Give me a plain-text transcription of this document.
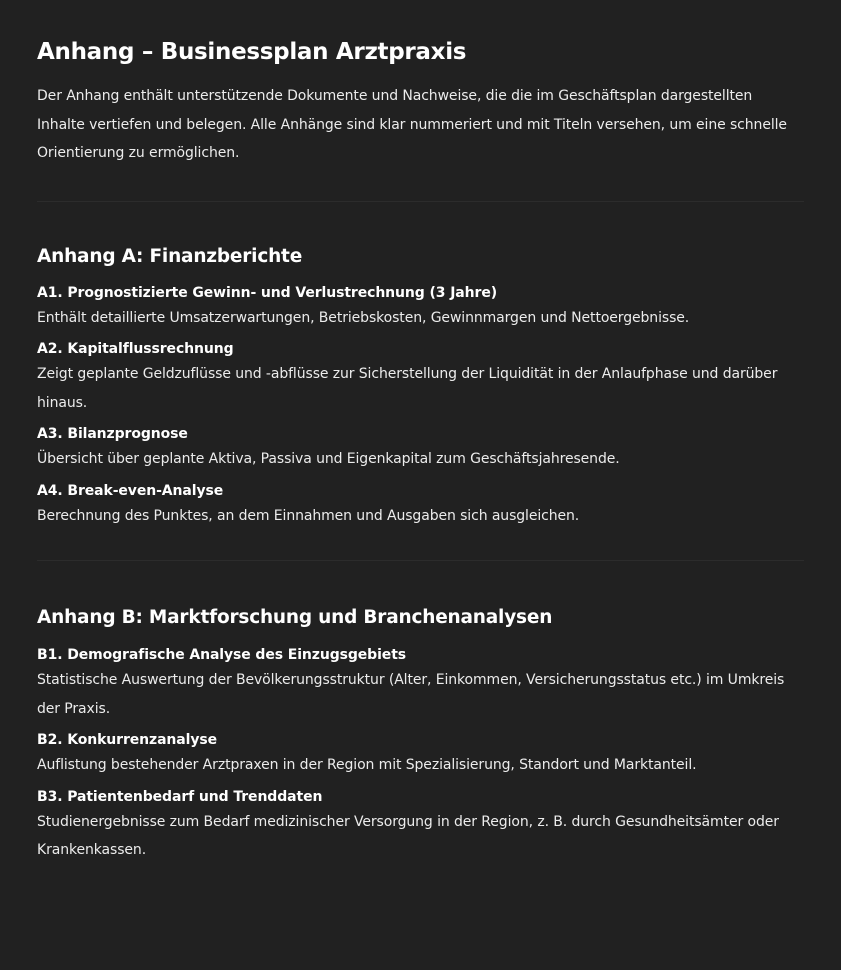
Anhang – Businessplan Arztpraxis

Der Anhang enthält unterstützende Dokumente und Nachweise, die die im Geschäftsplan dargestellten Inhalte vertiefen und belegen. Alle Anhänge sind klar nummeriert und mit Titeln versehen, um eine schnelle Orientierung zu ermöglichen.

Anhang A: Finanzberichte
A1. Prognostizierte Gewinn- und Verlustrechnung (3 Jahre)
Enthält detaillierte Umsatzerwartungen, Betriebskosten, Gewinnmargen und Nettoergebnisse.
A2. Kapitalflussrechnung
Zeigt geplante Geldzuflüsse und -abflüsse zur Sicherstellung der Liquidität in der Anlaufphase und darüber hinaus.
A3. Bilanzprognose
Übersicht über geplante Aktiva, Passiva und Eigenkapital zum Geschäftsjahresende.
A4. Break-even-Analyse
Berechnung des Punktes, an dem Einnahmen und Ausgaben sich ausgleichen.
Anhang B: Marktforschung und Branchenanalysen
B1. Demografische Analyse des Einzugsgebiets
Statistische Auswertung der Bevölkerungsstruktur (Alter, Einkommen, Versicherungsstatus etc.) im Umkreis der Praxis.
B2. Konkurrenzanalyse
Auflistung bestehender Arztpraxen in der Region mit Spezialisierung, Standort und Marktanteil.
B3. Patientenbedarf und Trenddaten
Studienergebnisse zum Bedarf medizinischer Versorgung in der Region, z. B. durch Gesundheitsämter oder Krankenkassen.
